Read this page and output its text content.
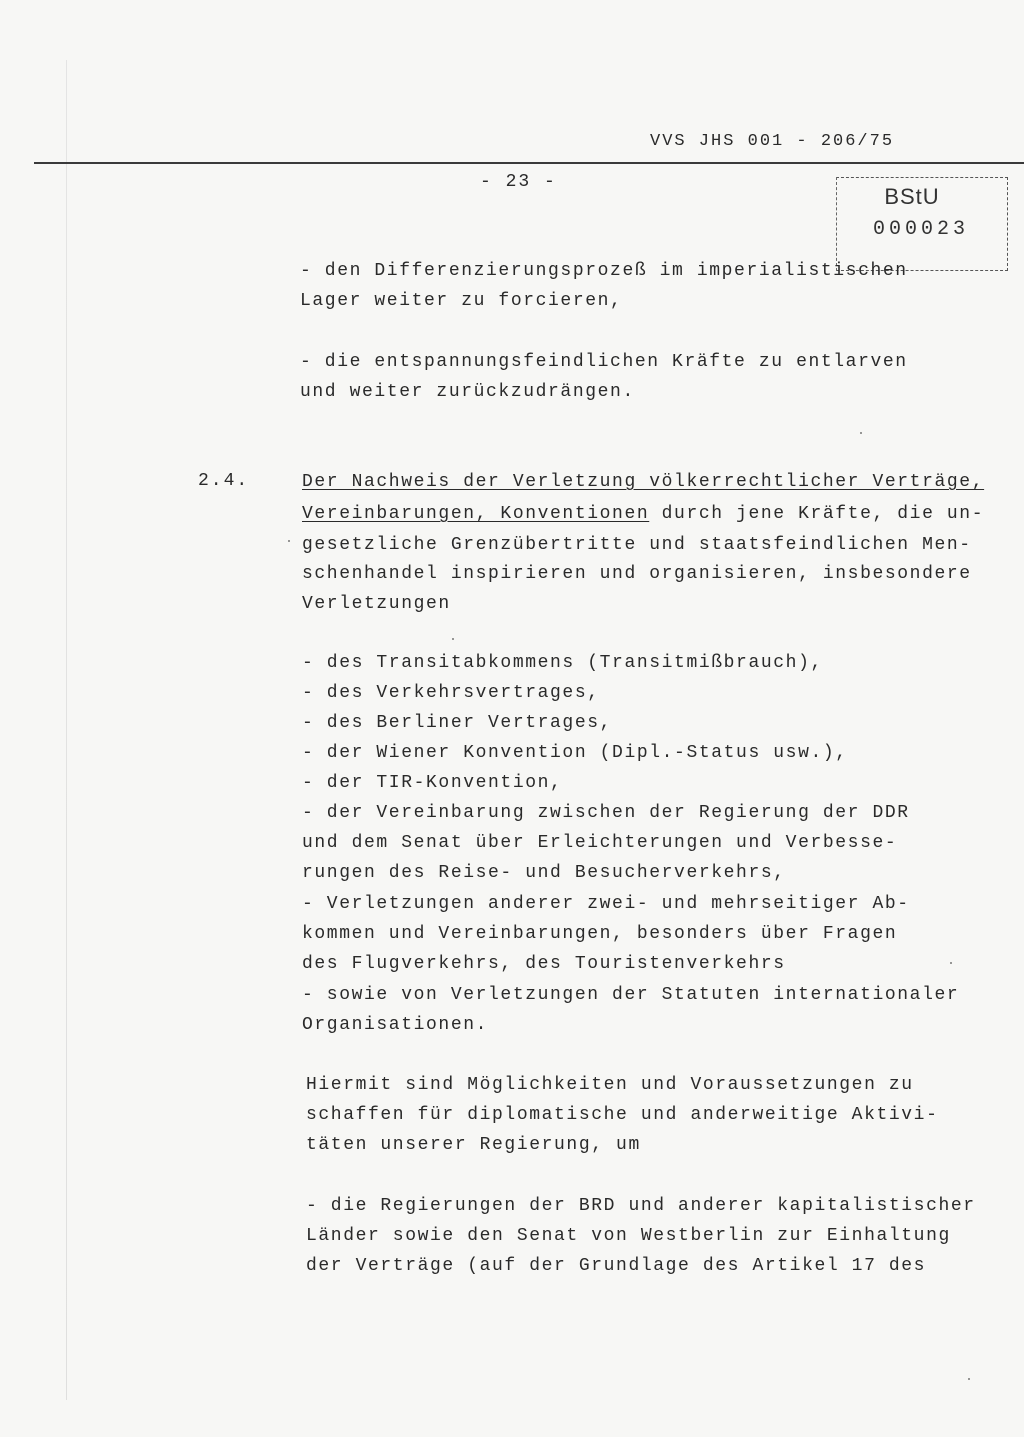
VVS JHS 001 - 206/75
- 23 -
BStU
000023
- den Differenzierungsprozeß im imperialistischen
Lager weiter zu forcieren,
- die entspannungsfeindlichen Kräfte zu entlarven
und weiter zurückzudrängen.
2.4.	Der Nachweis der Verletzung völkerrechtlicher Verträge,
Vereinbarungen, Konventionen durch jene Kräfte, die un-
gesetzliche Grenzübertritte und staatsfeindlichen Men-
schenhandel inspirieren und organisieren, insbesondere
Verletzungen
- des Transitabkommens (Transitmißbrauch),
- des Verkehrsvertrages,
- des Berliner Vertrages,
- der Wiener Konvention (Dipl.-Status usw.),
- der TIR-Konvention,
- der Vereinbarung zwischen der Regierung der DDR
und dem Senat über Erleichterungen und Verbesse-
rungen des Reise- und Besucherverkehrs,
- Verletzungen anderer zwei- und mehrseitiger Ab-
kommen und Vereinbarungen, besonders über Fragen
des Flugverkehrs, des Touristenverkehrs
- sowie von Verletzungen der Statuten internationaler
Organisationen.
Hiermit sind Möglichkeiten und Voraussetzungen zu
schaffen für diplomatische und anderweitige Aktivi-
täten unserer Regierung, um
- die Regierungen der BRD und anderer kapitalistischer
Länder sowie den Senat von Westberlin zur Einhaltung
der Verträge (auf der Grundlage des Artikel 17 des
